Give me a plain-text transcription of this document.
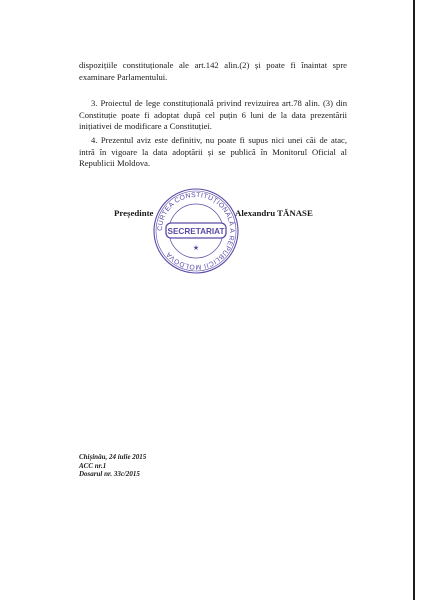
dispozițiile constituționale ale art.142 alin.(2) și poate fi înaintat spre
examinare Parlamentului.
3. Proiectul de lege constituțională privind revizuirea art.78 alin. (3) din
Constituție poate fi adoptat după cel puțin 6 luni de la data prezentării
inițiativei de modificare a Constituției.
4. Prezentul aviz este definitiv, nu poate fi supus nici unei căi de atac,
intră în vigoare la data adoptării și se publică în Monitorul Oficial al
Republicii Moldova.
Președinte	Alexandru TĂNASE
CURTEA CONSTITUȚIONALĂ A REPUBLICII MOLDOVA
SECRETARIAT
★
Chișinău, 24 iulie 2015
ACC nr.1
Dosarul nr. 33c/2015
